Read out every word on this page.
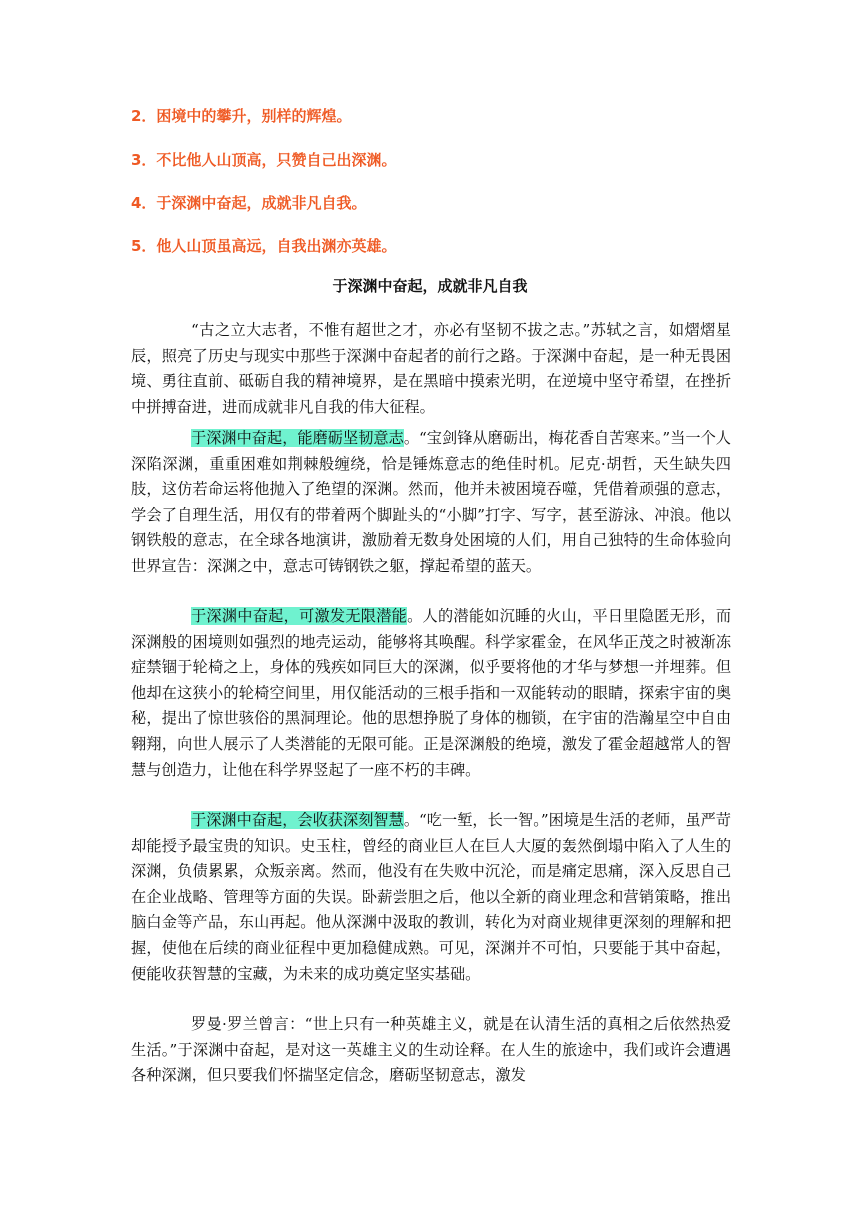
2．困境中的攀升，别样的辉煌。
3．不比他人山顶高，只赞自己出深渊。
4．于深渊中奋起，成就非凡自我。
5．他人山顶虽高远，自我出渊亦英雄。
于深渊中奋起，成就非凡自我
“古之立大志者，不惟有超世之才，亦必有坚韧不拔之志。”苏轼之言，如熠熠星辰，照亮了历史与现实中那些于深渊中奋起者的前行之路。于深渊中奋起，是一种无畏困境、勇往直前、砥砺自我的精神境界，是在黑暗中摸索光明，在逆境中坚守希望，在挫折中拼搏奋进，进而成就非凡自我的伟大征程。
于深渊中奋起，能磨砺坚韧意志。“宝剑锋从磨砺出，梅花香自苦寒来。”当一个人深陷深渊，重重困难如荆棘般缠绕，恰是锤炼意志的绝佳时机。尼克·胡哲，天生缺失四肢，这仿若命运将他抛入了绝望的深渊。然而，他并未被困境吞噬，凭借着顽强的意志，学会了自理生活，用仅有的带着两个脚趾头的“小脚”打字、写字，甚至游泳、冲浪。他以钢铁般的意志，在全球各地演讲，激励着无数身处困境的人们，用自己独特的生命体验向世界宣告：深渊之中，意志可铸钢铁之躯，撑起希望的蓝天。
于深渊中奋起，可激发无限潜能。人的潜能如沉睡的火山，平日里隐匿无形，而深渊般的困境则如强烈的地壳运动，能够将其唤醒。科学家霍金，在风华正茂之时被渐冻症禁锢于轮椅之上，身体的残疾如同巨大的深渊，似乎要将他的才华与梦想一并埋葬。但他却在这狭小的轮椅空间里，用仅能活动的三根手指和一双能转动的眼睛，探索宇宙的奥秘，提出了惊世骇俗的黑洞理论。他的思想挣脱了身体的枷锁，在宇宙的浩瀚星空中自由翱翔，向世人展示了人类潜能的无限可能。正是深渊般的绝境，激发了霍金超越常人的智慧与创造力，让他在科学界竖起了一座不朽的丰碑。
于深渊中奋起，会收获深刻智慧。“吃一堑，长一智。”困境是生活的老师，虽严苛却能授予最宝贵的知识。史玉柱，曾经的商业巨人在巨人大厦的轰然倒塌中陷入了人生的深渊，负债累累，众叛亲离。然而，他没有在失败中沉沦，而是痛定思痛，深入反思自己在企业战略、管理等方面的失误。卧薪尝胆之后，他以全新的商业理念和营销策略，推出脑白金等产品，东山再起。他从深渊中汲取的教训，转化为对商业规律更深刻的理解和把握，使他在后续的商业征程中更加稳健成熟。可见，深渊并不可怕，只要能于其中奋起，便能收获智慧的宝藏，为未来的成功奠定坚实基础。
罗曼·罗兰曾言：“世上只有一种英雄主义，就是在认清生活的真相之后依然热爱生活。”于深渊中奋起，是对这一英雄主义的生动诠释。在人生的旅途中，我们或许会遭遇各种深渊，但只要我们怀揣坚定信念，磨砺坚韧意志，激发
